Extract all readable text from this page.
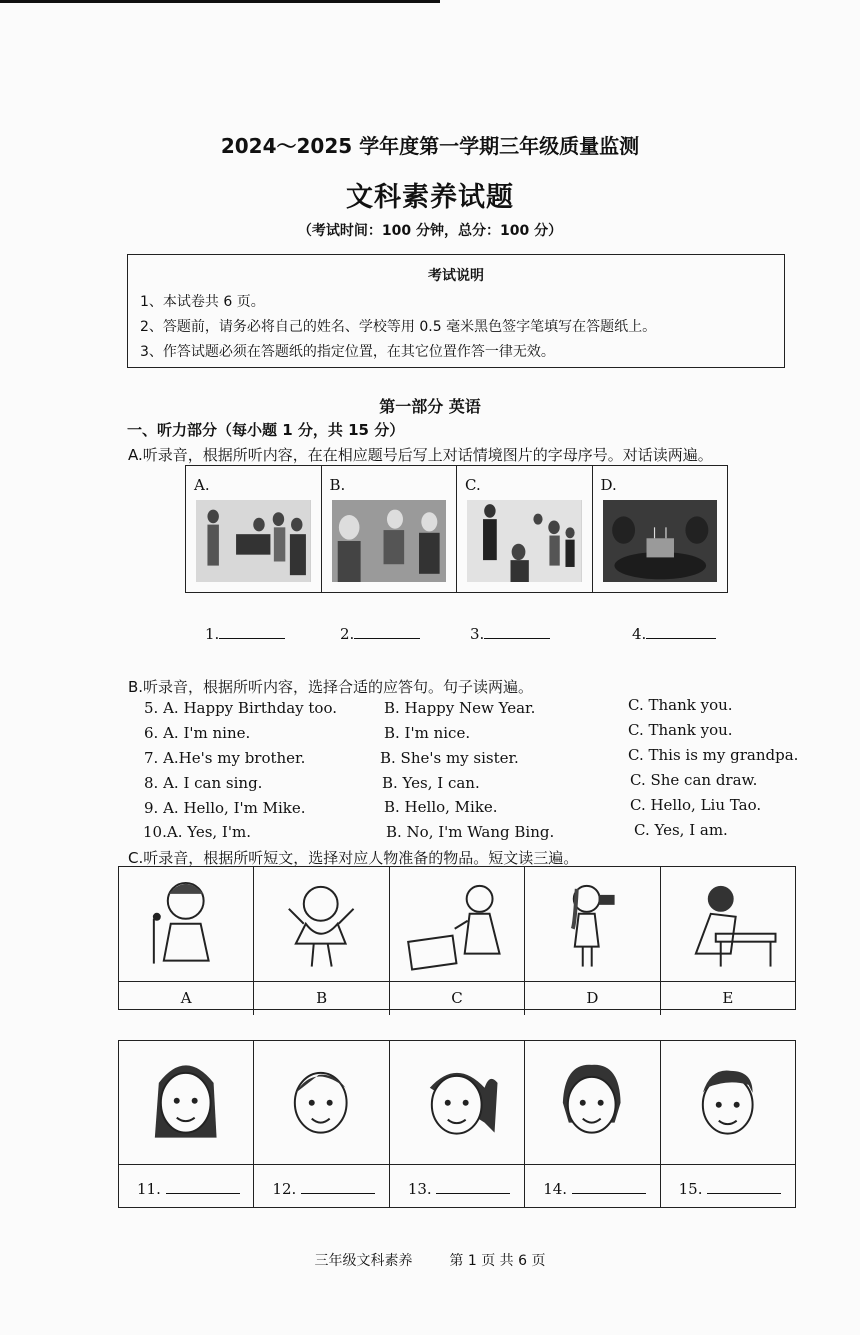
2024～2025 学年度第一学期三年级质量监测
文科素养试题
（考试时间：100 分钟，总分：100 分）
考试说明
1、本试卷共 6 页。
2、答题前，请务必将自己的姓名、学校等用 0.5 毫米黑色签字笔填写在答题纸上。
3、作答试题必须在答题纸的指定位置，在其它位置作答一律无效。
第一部分 英语
一、听力部分（每小题 1 分，共 15 分）
A.听录音，根据所听内容，在在相应题号后写上对话情境图片的字母序号。对话读两遍。
A.	B.	C.	D.
1.	2.	3.	4.
B.听录音，根据所听内容，选择合适的应答句。句子读两遍。
5. A. Happy Birthday too.	B. Happy New Year.	C. Thank you.
6. A. I'm nine.	B. I'm nice.	C. Thank you.
7. A.He's my brother.	B. She's my sister.	C. This is my grandpa.
8. A. I can sing.	B. Yes, I can.	C. She can draw.
9. A. Hello, I'm Mike.	B. Hello, Mike.	C. Hello, Liu Tao.
10.A. Yes, I'm.	B. No, I'm Wang Bing.	C. Yes, I am.
C.听录音，根据所听短文，选择对应人物准备的物品。短文读三遍。
A	B	C	D	E
11.	12.	13.	14.	15.
三年级文科素养	第 1 页 共 6 页
